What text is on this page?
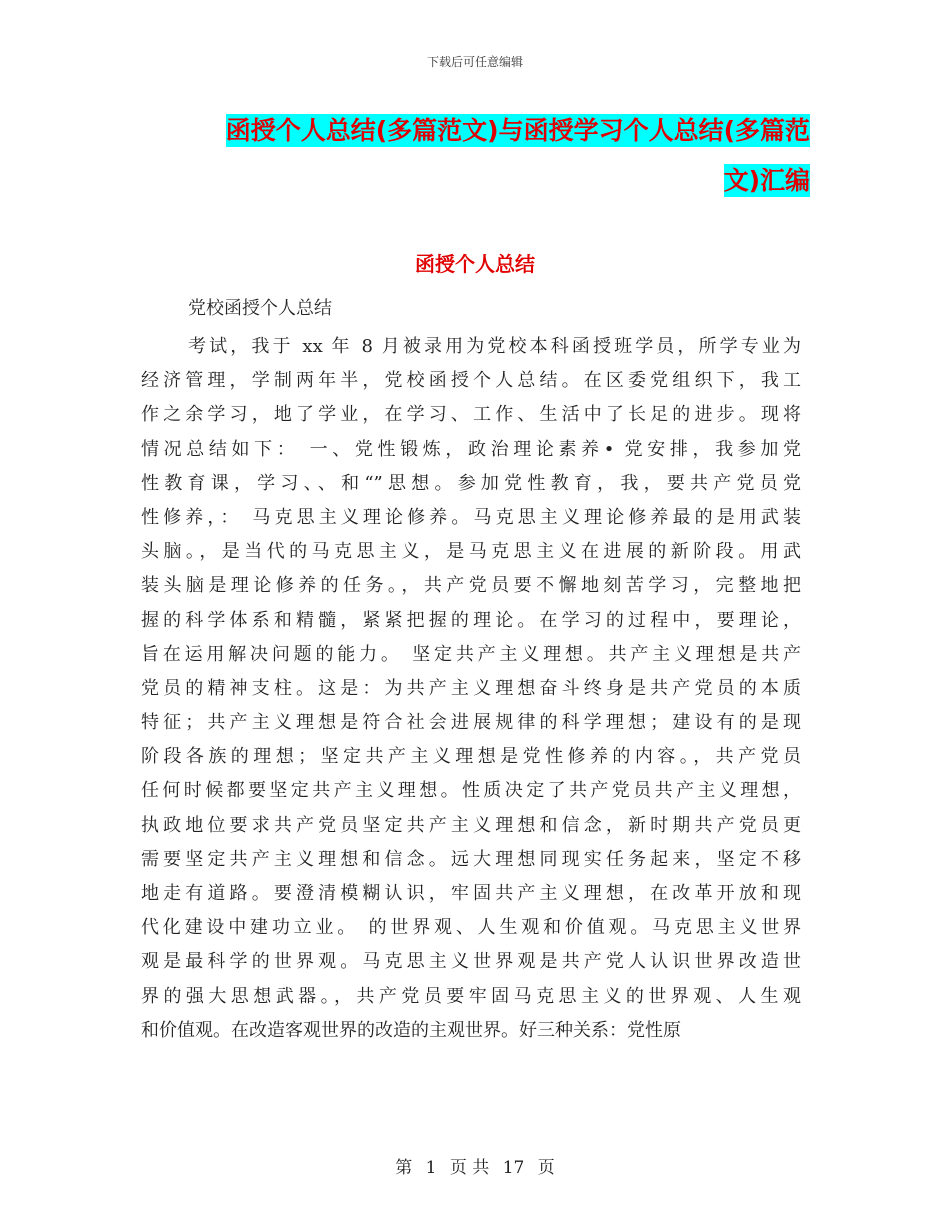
下载后可任意编辑
函授个人总结(多篇范文)与函授学习个人总结(多篇范
文)汇编
函授个人总结
党校函授个人总结
考试，我于 xx 年 8 月被录用为党校本科函授班学员，所学专业为
经济管理，学制两年半，党校函授个人总结。在区委党组织下，我工
作之余学习，地了学业，在学习、工作、生活中了长足的进步。现将
情况总结如下： 一、党性锻炼，政治理论素养• 党安排，我参加党
性教育课，学习、、和“”思想。参加党性教育，我，要共产党员党
性修养，： 马克思主义理论修养。马克思主义理论修养最的是用武装
头脑。，是当代的马克思主义，是马克思主义在进展的新阶段。用武
装头脑是理论修养的任务。，共产党员要不懈地刻苦学习，完整地把
握的科学体系和精髓，紧紧把握的理论。在学习的过程中，要理论，
旨在运用解决问题的能力。 坚定共产主义理想。共产主义理想是共产
党员的精神支柱。这是：为共产主义理想奋斗终身是共产党员的本质
特征；共产主义理想是符合社会进展规律的科学理想；建设有的是现
阶段各族的理想；坚定共产主义理想是党性修养的内容。，共产党员
任何时候都要坚定共产主义理想。性质决定了共产党员共产主义理想，
执政地位要求共产党员坚定共产主义理想和信念，新时期共产党员更
需要坚定共产主义理想和信念。远大理想同现实任务起来，坚定不移
地走有道路。要澄清模糊认识，牢固共产主义理想，在改革开放和现
代化建设中建功立业。 的世界观、人生观和价值观。马克思主义世界
观是最科学的世界观。马克思主义世界观是共产党人认识世界改造世
界的强大思想武器。，共产党员要牢固马克思主义的世界观、人生观
和价值观。在改造客观世界的改造的主观世界。好三种关系：党性原
第 1 页 共 17 页
